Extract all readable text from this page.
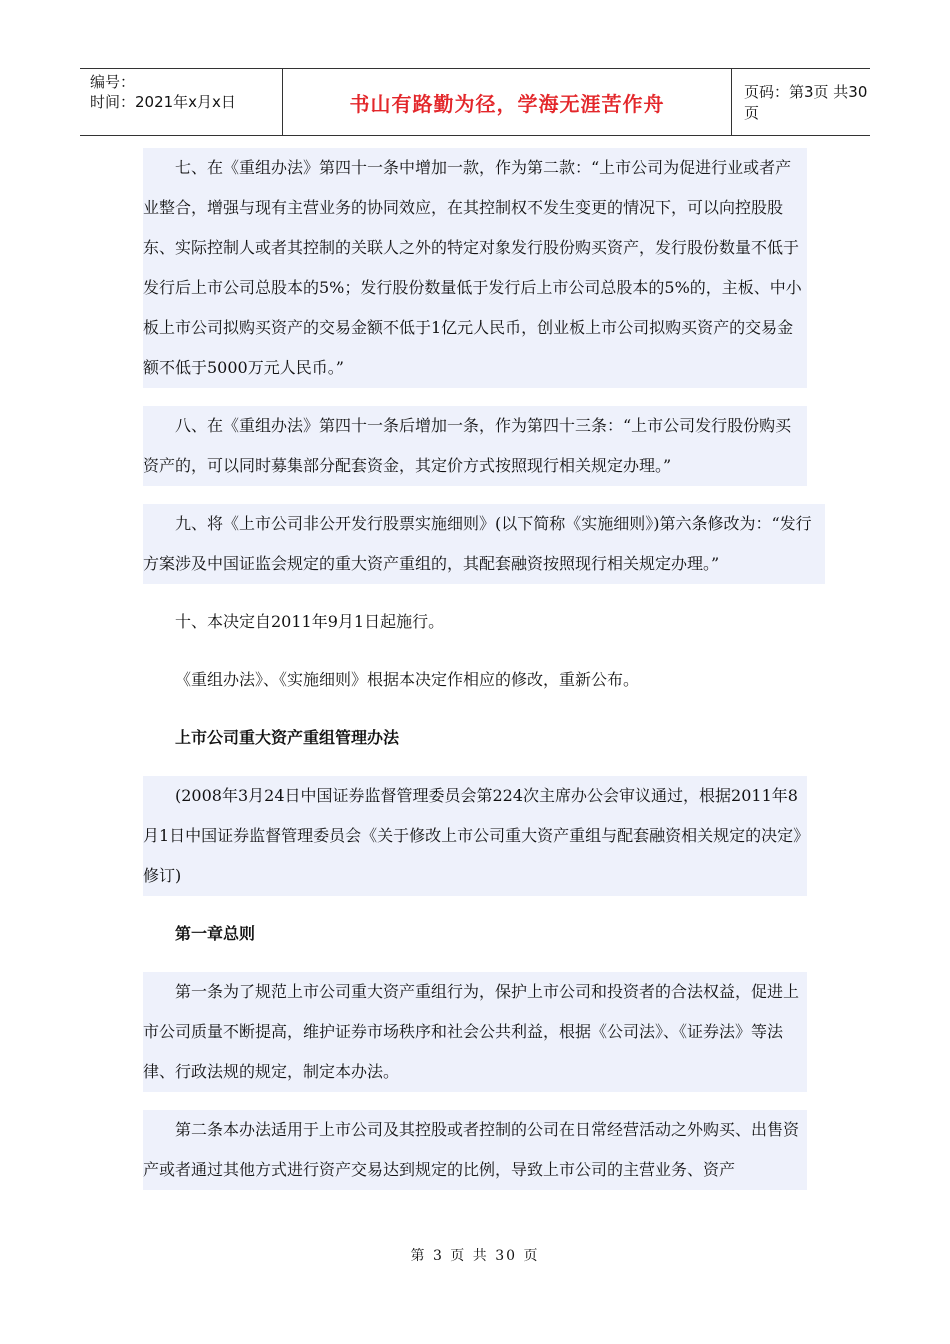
编号：
时间：2021年x月x日	书山有路勤为径，学海无涯苦作舟	页码：第3页 共30页

七、在《重组办法》第四十一条中增加一款，作为第二款：“上市公司为促进行业或者产业整合，增强与现有主营业务的协同效应，在其控制权不发生变更的情况下，可以向控股股东、实际控制人或者其控制的关联人之外的特定对象发行股份购买资产，发行股份数量不低于发行后上市公司总股本的5%；发行股份数量低于发行后上市公司总股本的5%的，主板、中小板上市公司拟购买资产的交易金额不低于1亿元人民币，创业板上市公司拟购买资产的交易金额不低于5000万元人民币。”

八、在《重组办法》第四十一条后增加一条，作为第四十三条：“上市公司发行股份购买资产的，可以同时募集部分配套资金，其定价方式按照现行相关规定办理。”

九、将《上市公司非公开发行股票实施细则》(以下简称《实施细则》)第六条修改为：“发行方案涉及中国证监会规定的重大资产重组的，其配套融资按照现行相关规定办理。”

十、本决定自2011年9月1日起施行。

《重组办法》、《实施细则》根据本决定作相应的修改，重新公布。

上市公司重大资产重组管理办法

(2008年3月24日中国证券监督管理委员会第224次主席办公会审议通过，根据2011年8月1日中国证券监督管理委员会《关于修改上市公司重大资产重组与配套融资相关规定的决定》修订)

第一章总则

第一条为了规范上市公司重大资产重组行为，保护上市公司和投资者的合法权益，促进上市公司质量不断提高，维护证券市场秩序和社会公共利益，根据《公司法》、《证券法》等法律、行政法规的规定，制定本办法。

第二条本办法适用于上市公司及其控股或者控制的公司在日常经营活动之外购买、出售资产或者通过其他方式进行资产交易达到规定的比例，导致上市公司的主营业务、资产

第 3 页 共 30 页
